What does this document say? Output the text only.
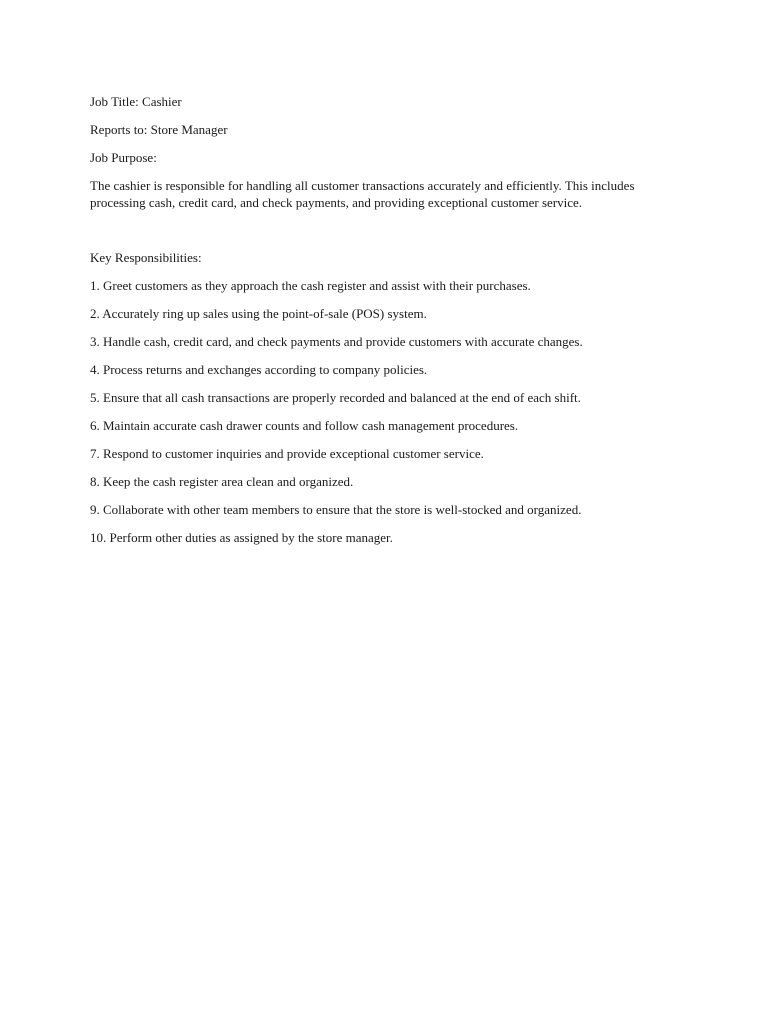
Job Title: Cashier

Reports to: Store Manager

Job Purpose:

The cashier is responsible for handling all customer transactions accurately and efficiently. This includes processing cash, credit card, and check payments, and providing exceptional customer service.

Key Responsibilities:

1. Greet customers as they approach the cash register and assist with their purchases.
2. Accurately ring up sales using the point-of-sale (POS) system.
3. Handle cash, credit card, and check payments and provide customers with accurate changes.
4. Process returns and exchanges according to company policies.
5. Ensure that all cash transactions are properly recorded and balanced at the end of each shift.
6. Maintain accurate cash drawer counts and follow cash management procedures.
7. Respond to customer inquiries and provide exceptional customer service.
8. Keep the cash register area clean and organized.
9. Collaborate with other team members to ensure that the store is well-stocked and organized.
10. Perform other duties as assigned by the store manager.
